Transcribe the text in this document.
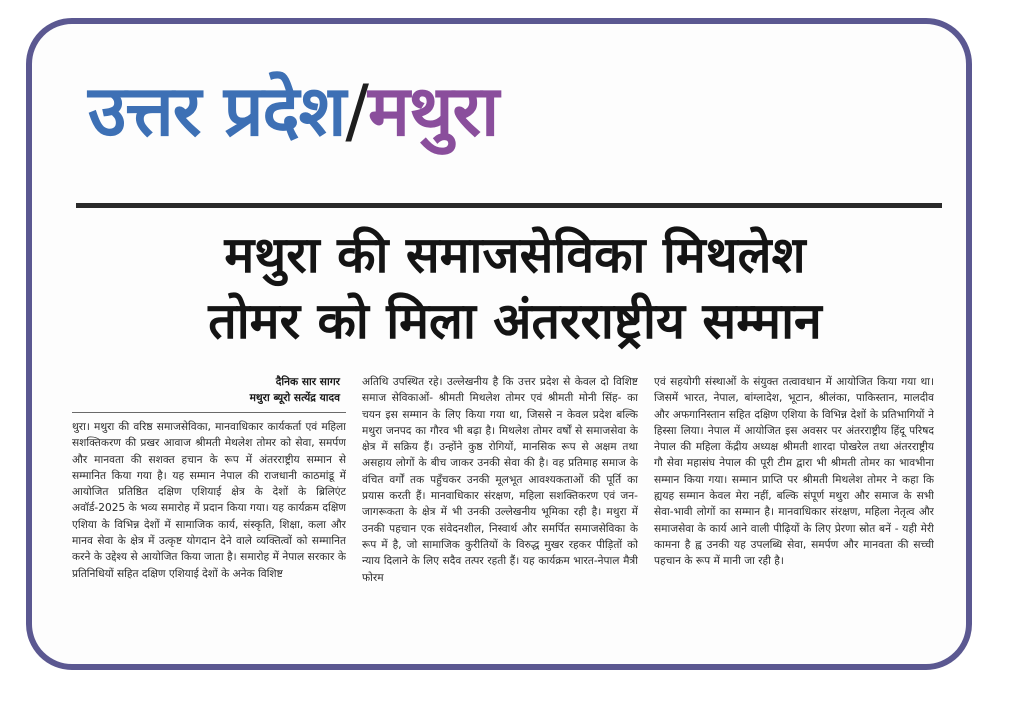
उत्तर प्रदेश/मथुरा
मथुरा की समाजसेविका मिथलेश
तोमर को मिला अंतरराष्ट्रीय सम्मान
दैनिक सार सागर
मथुरा ब्यूरो सत्येंद्र यादव

थुरा। मथुरा की वरिष्ठ समाजसेविका, मानवाधिकार कार्यकर्ता एवं महिला सशक्तिकरण की प्रखर आवाज श्रीमती मेथलेश तोमर को सेवा, समर्पण और मानवता की सशक्त हचान के रूप में अंतरराष्ट्रीय सम्मान से सम्मानित किया गया है। यह सम्मान नेपाल की राजधानी काठमांडू में आयोजित प्रतिष्ठित दक्षिण एशियाई क्षेत्र के देशों के ब्रिलिएंट अवॉर्ड-2025 के भव्य समारोह में प्रदान किया गया। यह कार्यक्रम दक्षिण एशिया के विभिन्न देशों में सामाजिक कार्य, संस्कृति, शिक्षा, कला और मानव सेवा के क्षेत्र में उत्कृष्ट योगदान देने वाले व्यक्तित्वों को सम्मानित करने के उद्देश्य से आयोजित किया जाता है। समारोह में नेपाल सरकार के प्रतिनिधियों सहित दक्षिण एशियाई देशों के अनेक विशिष्ट

अतिथि उपस्थित रहे। उल्लेखनीय है कि उत्तर प्रदेश से केवल दो विशिष्ट समाज सेविकाओं- श्रीमती मिथलेश तोमर एवं श्रीमती मोनी सिंह- का चयन इस सम्मान के लिए किया गया था, जिससे न केवल प्रदेश बल्कि मथुरा जनपद का गौरव भी बढ़ा है। मिथलेश तोमर वर्षों से समाजसेवा के क्षेत्र में सक्रिय हैं। उन्होंने कुष्ठ रोगियों, मानसिक रूप से अक्षम तथा असहाय लोगों के बीच जाकर उनकी सेवा की है। वह प्रतिमाह समाज के वंचित वर्गों तक पहुँचकर उनकी मूलभूत आवश्यकताओं की पूर्ति का प्रयास करती हैं। मानवाधिकार संरक्षण, महिला सशक्तिकरण एवं जन-जागरूकता के क्षेत्र में भी उनकी उल्लेखनीय भूमिका रही है। मथुरा में उनकी पहचान एक संवेदनशील, निस्वार्थ और समर्पित समाजसेविका के रूप में है, जो सामाजिक कुरीतियों के विरुद्ध मुखर रहकर पीड़ितों को न्याय दिलाने के लिए सदैव तत्पर रहती हैं। यह कार्यक्रम भारत-नेपाल मैत्री फोरम

एवं सहयोगी संस्थाओं के संयुक्त तत्वावधान में आयोजित किया गया था। जिसमें भारत, नेपाल, बांग्लादेश, भूटान, श्रीलंका, पाकिस्तान, मालदीव और अफगानिस्तान सहित दक्षिण एशिया के विभिन्न देशों के प्रतिभागियों ने हिस्सा लिया। नेपाल में आयोजित इस अवसर पर अंतरराष्ट्रीय हिंदू परिषद नेपाल की महिला केंद्रीय अध्यक्ष श्रीमती शारदा पोखरेल तथा अंतरराष्ट्रीय गौ सेवा महासंघ नेपाल की पूरी टीम द्वारा भी श्रीमती तोमर का भावभीना सम्मान किया गया। सम्मान प्राप्ति पर श्रीमती मिथलेश तोमर ने कहा कि ह्ययह सम्मान केवल मेरा नहीं, बल्कि संपूर्ण मथुरा और समाज के सभी सेवा-भावी लोगों का सम्मान है। मानवाधिकार संरक्षण, महिला नेतृत्व और समाजसेवा के कार्य आने वाली पीढ़ियों के लिए प्रेरणा स्रोत बनें - यही मेरी कामना है ह्व उनकी यह उपलब्धि सेवा, समर्पण और मानवता की सच्ची पहचान के रूप में मानी जा रही है।
